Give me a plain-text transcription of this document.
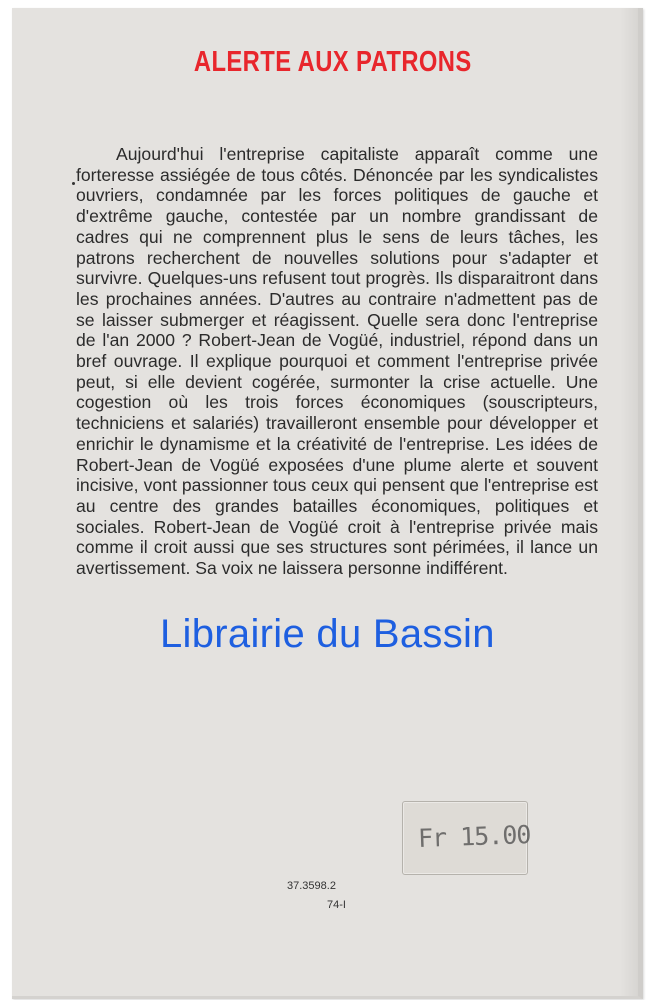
ALERTE AUX PATRONS

Aujourd'hui l'entreprise capitaliste apparaît comme une forteresse assiégée de tous côtés. Dénoncée par les syndicalistes ouvriers, condamnée par les forces politiques de gauche et d'extrême gauche, contestée par un nombre grandissant de cadres qui ne comprennent plus le sens de leurs tâches, les patrons recherchent de nouvelles solutions pour s'adapter et survivre. Quelques-uns refusent tout progrès. Ils disparaitront dans les prochaines années. D'autres au contraire n'admettent pas de se laisser submerger et réagissent. Quelle sera donc l'entreprise de l'an 2000 ? Robert-Jean de Vogüé, industriel, répond dans un bref ouvrage. Il explique pourquoi et comment l'entreprise privée peut, si elle devient cogérée, surmonter la crise actuelle. Une cogestion où les trois forces économiques (souscripteurs, techniciens et salariés) travailleront ensemble pour développer et enrichir le dynamisme et la créativité de l'entreprise. Les idées de Robert-Jean de Vogüé exposées d'une plume alerte et souvent incisive, vont passionner tous ceux qui pensent que l'entreprise est au centre des grandes batailles économiques, politiques et sociales. Robert-Jean de Vogüé croit à l'entreprise privée mais comme il croit aussi que ses structures sont périmées, il lance un avertissement. Sa voix ne laissera personne indifférent.

Librairie du Bassin
Fr 15.00
37.3598.2
74-I
